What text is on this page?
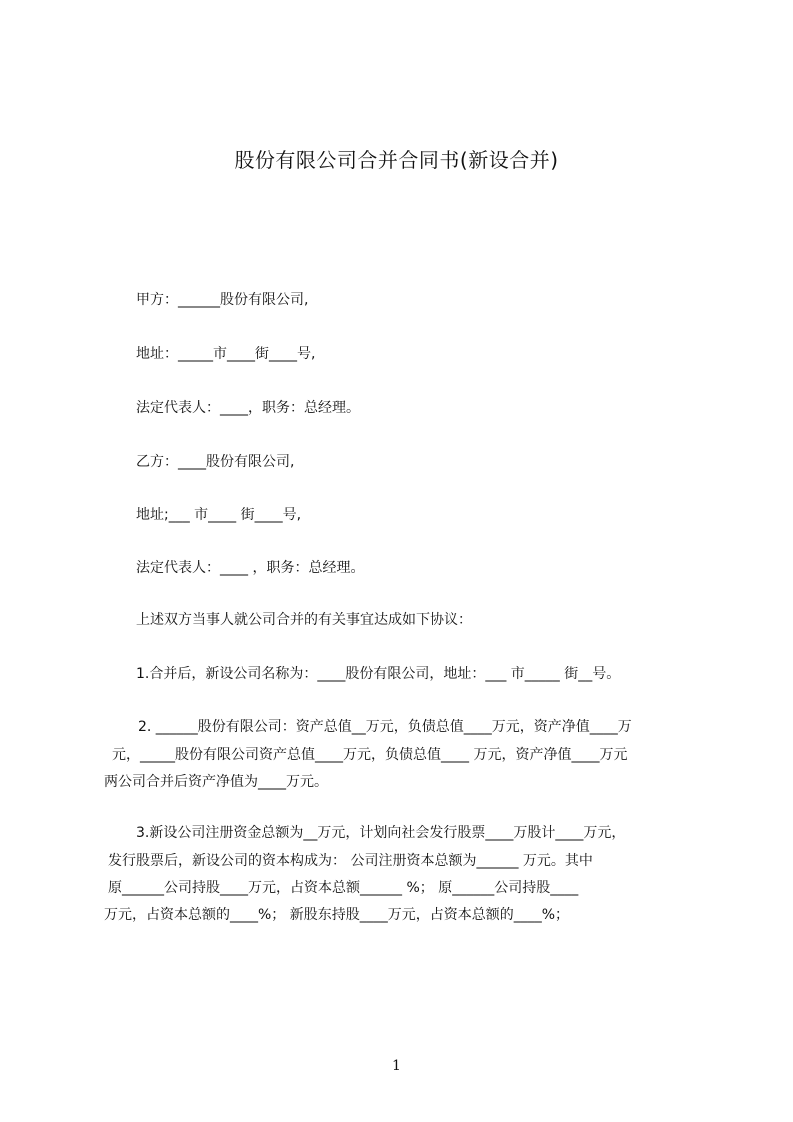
股份有限公司合并合同书(新设合并)
甲方：______股份有限公司,
地址：_____市____街____号,
法定代表人：____，职务：总经理。
乙方：____股份有限公司,
地址;___ 市____ 街____号,
法定代表人：____ ，职务：总经理。
上述双方当事人就公司合并的有关事宜达成如下协议：
1.合并后，新设公司名称为：____股份有限公司，地址：___ 市_____ 街__号。
2. ______股份有限公司：资产总值__万元，负债总值____万元，资产净值____万
元，_____股份有限公司资产总值____万元，负债总值____ 万元，资产净值____万元
两公司合并后资产净值为____万元。
3.新设公司注册资金总额为__万元，计划向社会发行股票____万股计____万元，
发行股票后，新设公司的资本构成为： 公司注册资本总额为______ 万元。其中
原______公司持股____万元，占资本总额______ %； 原______公司持股____
万元，占资本总额的____%； 新股东持股____万元，占资本总额的____%；
1
